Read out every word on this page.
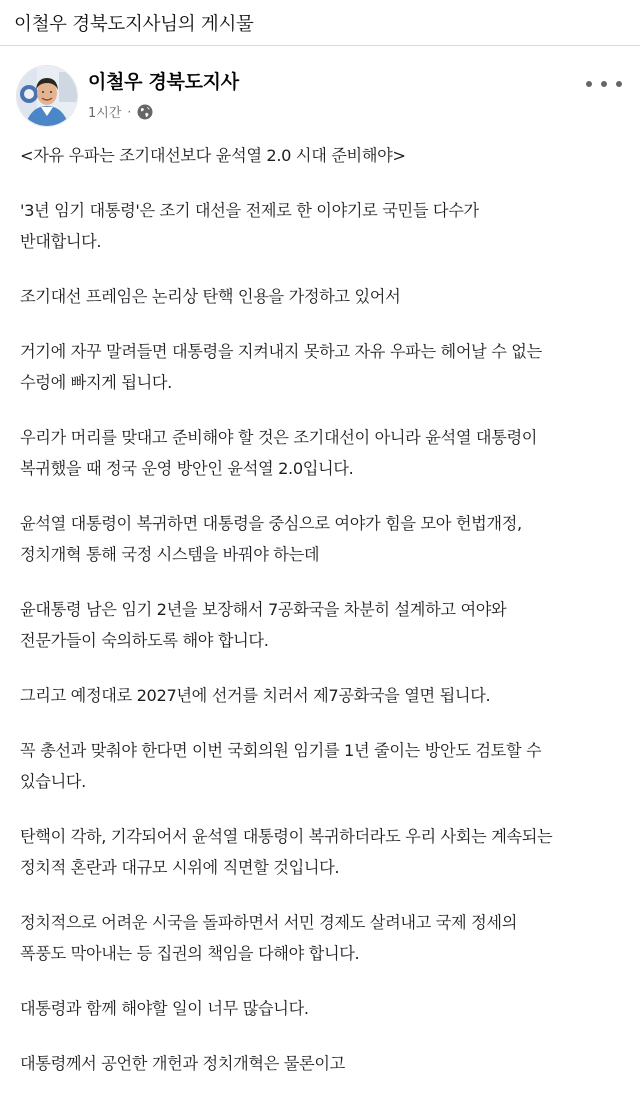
이철우 경북도지사님의 게시물
이철우 경북도지사
1시간 ·
<자유 우파는 조기대선보다 윤석열 2.0 시대 준비해야>
'3년 임기 대통령'은 조기 대선을 전제로 한 이야기로 국민들 다수가
반대합니다.
조기대선 프레임은 논리상 탄핵 인용을 가정하고 있어서
거기에 자꾸 말려들면 대통령을 지켜내지 못하고 자유 우파는 헤어날 수 없는
수렁에 빠지게 됩니다.
우리가 머리를 맞대고 준비해야 할 것은 조기대선이 아니라 윤석열 대통령이
복귀했을 때 정국 운영 방안인 윤석열 2.0입니다.
윤석열 대통령이 복귀하면 대통령을 중심으로 여야가 힘을 모아 헌법개정,
정치개혁 통해 국정 시스템을 바꿔야 하는데
윤대통령 남은 임기 2년을 보장해서 7공화국을 차분히 설계하고 여야와
전문가들이 숙의하도록 해야 합니다.
그리고 예정대로 2027년에 선거를 치러서 제7공화국을 열면 됩니다.
꼭 총선과 맞춰야 한다면 이번 국회의원 임기를 1년 줄이는 방안도 검토할 수
있습니다.
탄핵이 각하, 기각되어서 윤석열 대통령이 복귀하더라도 우리 사회는 계속되는
정치적 혼란과 대규모 시위에 직면할 것입니다.
정치적으로 어려운 시국을 돌파하면서 서민 경제도 살려내고 국제 정세의
폭풍도 막아내는 등 집권의 책임을 다해야 합니다.
대통령과 함께 해야할 일이 너무 많습니다.
대통령께서 공언한 개헌과 정치개혁은 물론이고
